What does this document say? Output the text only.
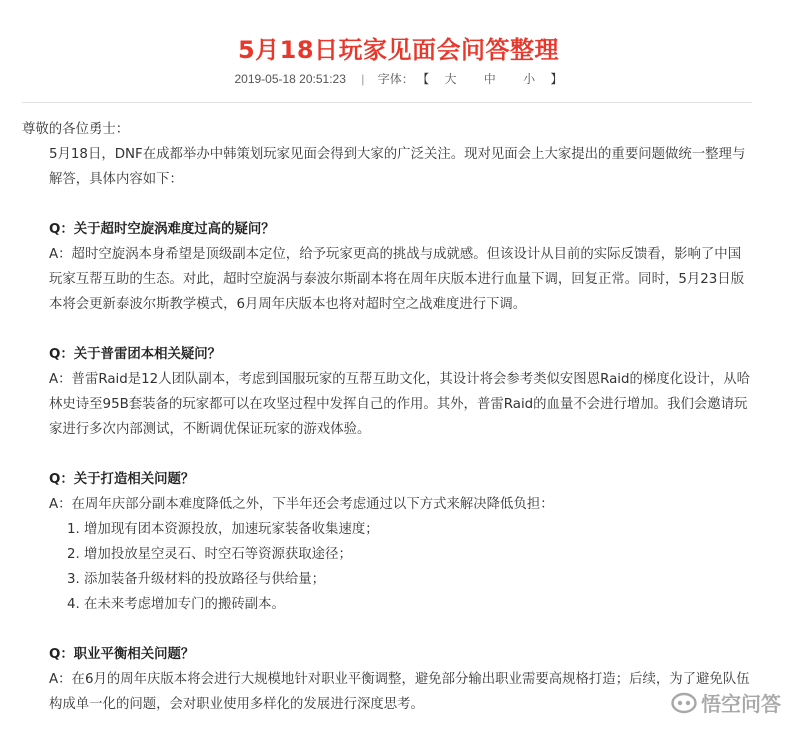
5月18日玩家见面会问答整理
2019-05-18 20:51:23 | 字体： 【 大 中 小 】

尊敬的各位勇士：

5月18日，DNF在成都举办中韩策划玩家见面会得到大家的广泛关注。现对见面会上大家提出的重要问题做统一整理与解答，具体内容如下：

Q：关于超时空旋涡难度过高的疑问？

A：超时空旋涡本身希望是顶级副本定位，给予玩家更高的挑战与成就感。但该设计从目前的实际反馈看，影响了中国玩家互帮互助的生态。对此，超时空旋涡与泰波尔斯副本将在周年庆版本进行血量下调，回复正常。同时，5月23日版本将会更新泰波尔斯教学模式，6月周年庆版本也将对超时空之战难度进行下调。

Q：关于普雷团本相关疑问？

A：普雷Raid是12人团队副本，考虑到国服玩家的互帮互助文化，其设计将会参考类似安图恩Raid的梯度化设计，从哈林史诗至95B套装备的玩家都可以在攻坚过程中发挥自己的作用。其外，普雷Raid的血量不会进行增加。我们会邀请玩家进行多次内部测试，不断调优保证玩家的游戏体验。

Q：关于打造相关问题？

A：在周年庆部分副本难度降低之外，下半年还会考虑通过以下方式来解决降低负担：

1. 增加现有团本资源投放，加速玩家装备收集速度；

2. 增加投放星空灵石、时空石等资源获取途径；

3. 添加装备升级材料的投放路径与供给量；

4. 在未来考虑增加专门的搬砖副本。

Q：职业平衡相关问题？

A：在6月的周年庆版本将会进行大规模地针对职业平衡调整，避免部分输出职业需要高规格打造；后续，为了避免队伍构成单一化的问题，会对职业使用多样化的发展进行深度思考。	悟空问答
